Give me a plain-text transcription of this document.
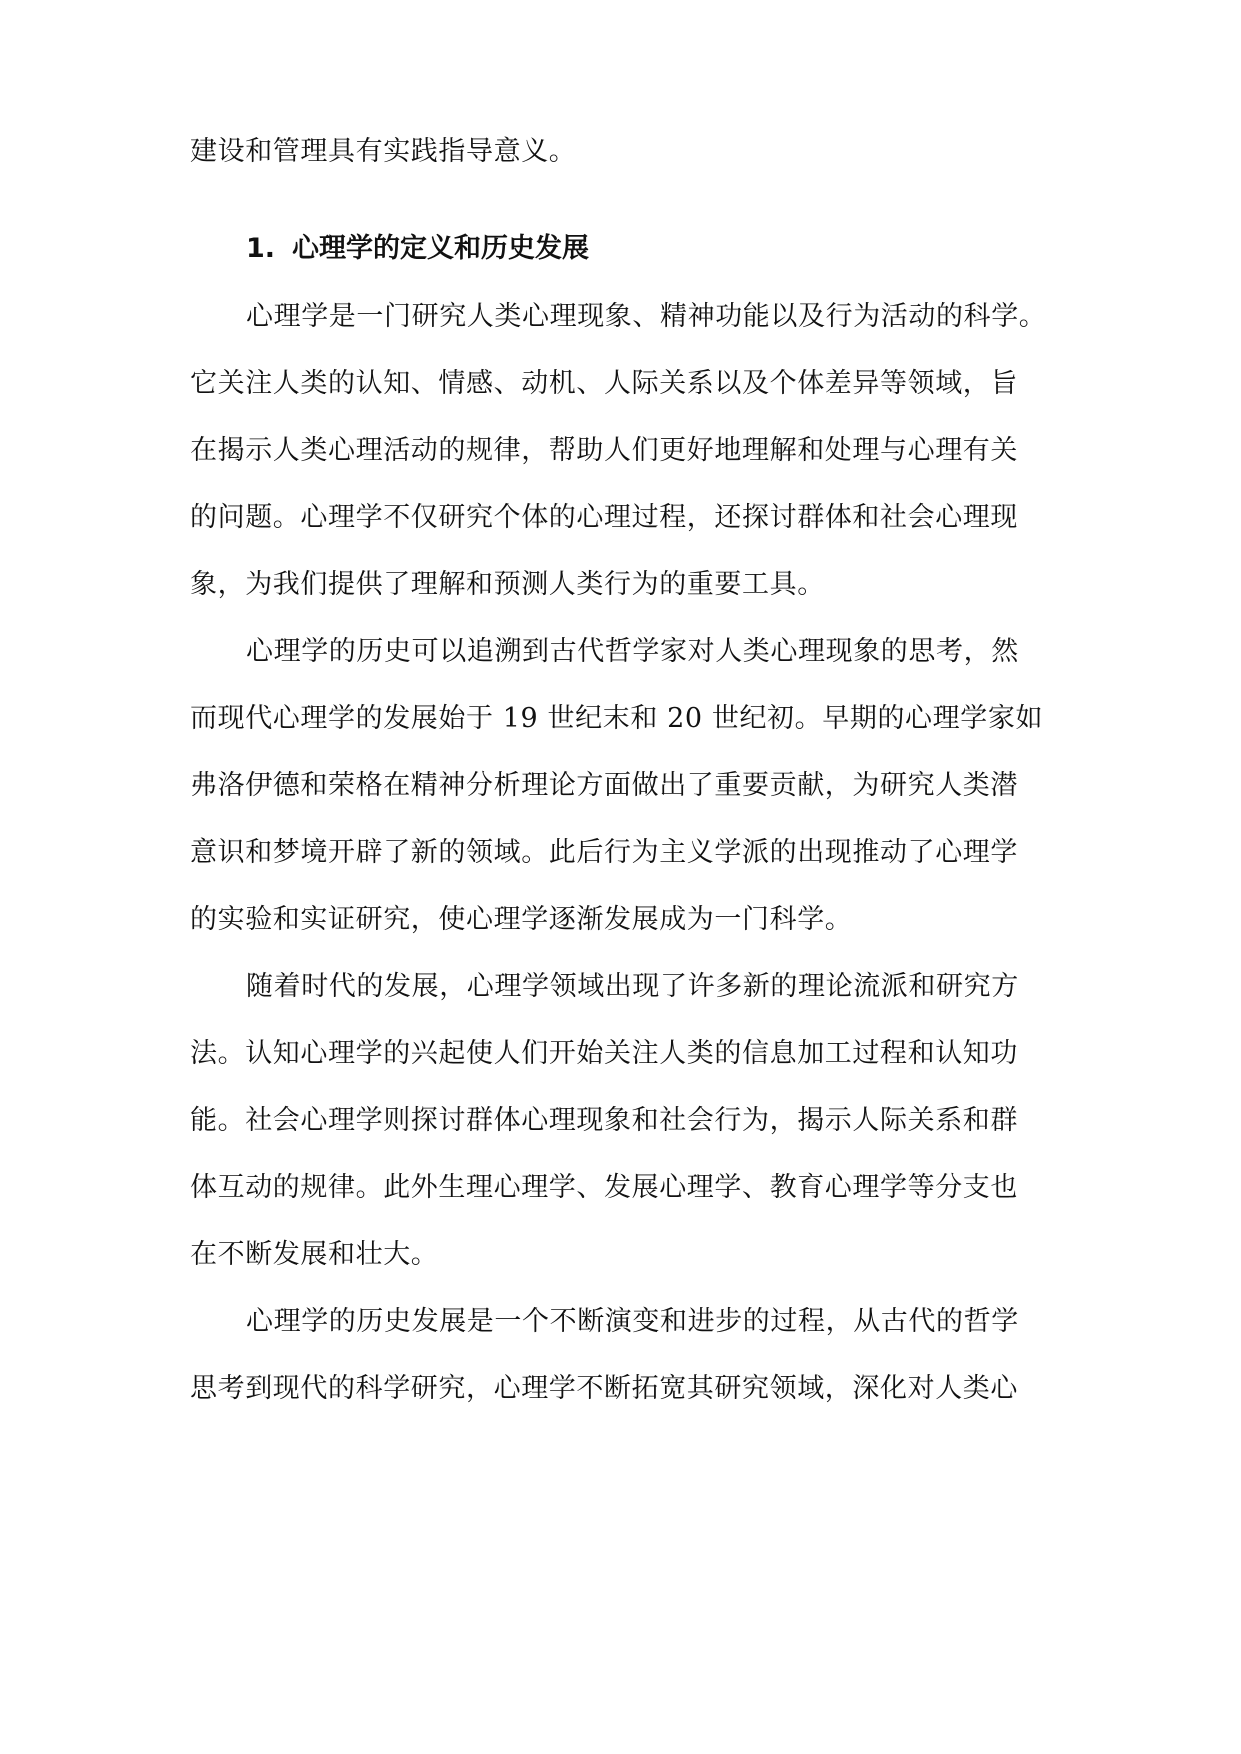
建设和管理具有实践指导意义。
1. 心理学的定义和历史发展
心理学是一门研究人类心理现象、精神功能以及行为活动的科学。
它关注人类的认知、情感、动机、人际关系以及个体差异等领域，旨
在揭示人类心理活动的规律，帮助人们更好地理解和处理与心理有关
的问题。心理学不仅研究个体的心理过程，还探讨群体和社会心理现
象，为我们提供了理解和预测人类行为的重要工具。
心理学的历史可以追溯到古代哲学家对人类心理现象的思考，然
而现代心理学的发展始于 19 世纪末和 20 世纪初。早期的心理学家如
弗洛伊德和荣格在精神分析理论方面做出了重要贡献，为研究人类潜
意识和梦境开辟了新的领域。此后行为主义学派的出现推动了心理学
的实验和实证研究，使心理学逐渐发展成为一门科学。
随着时代的发展，心理学领域出现了许多新的理论流派和研究方
法。认知心理学的兴起使人们开始关注人类的信息加工过程和认知功
能。社会心理学则探讨群体心理现象和社会行为，揭示人际关系和群
体互动的规律。此外生理心理学、发展心理学、教育心理学等分支也
在不断发展和壮大。
心理学的历史发展是一个不断演变和进步的过程，从古代的哲学
思考到现代的科学研究，心理学不断拓宽其研究领域，深化对人类心
